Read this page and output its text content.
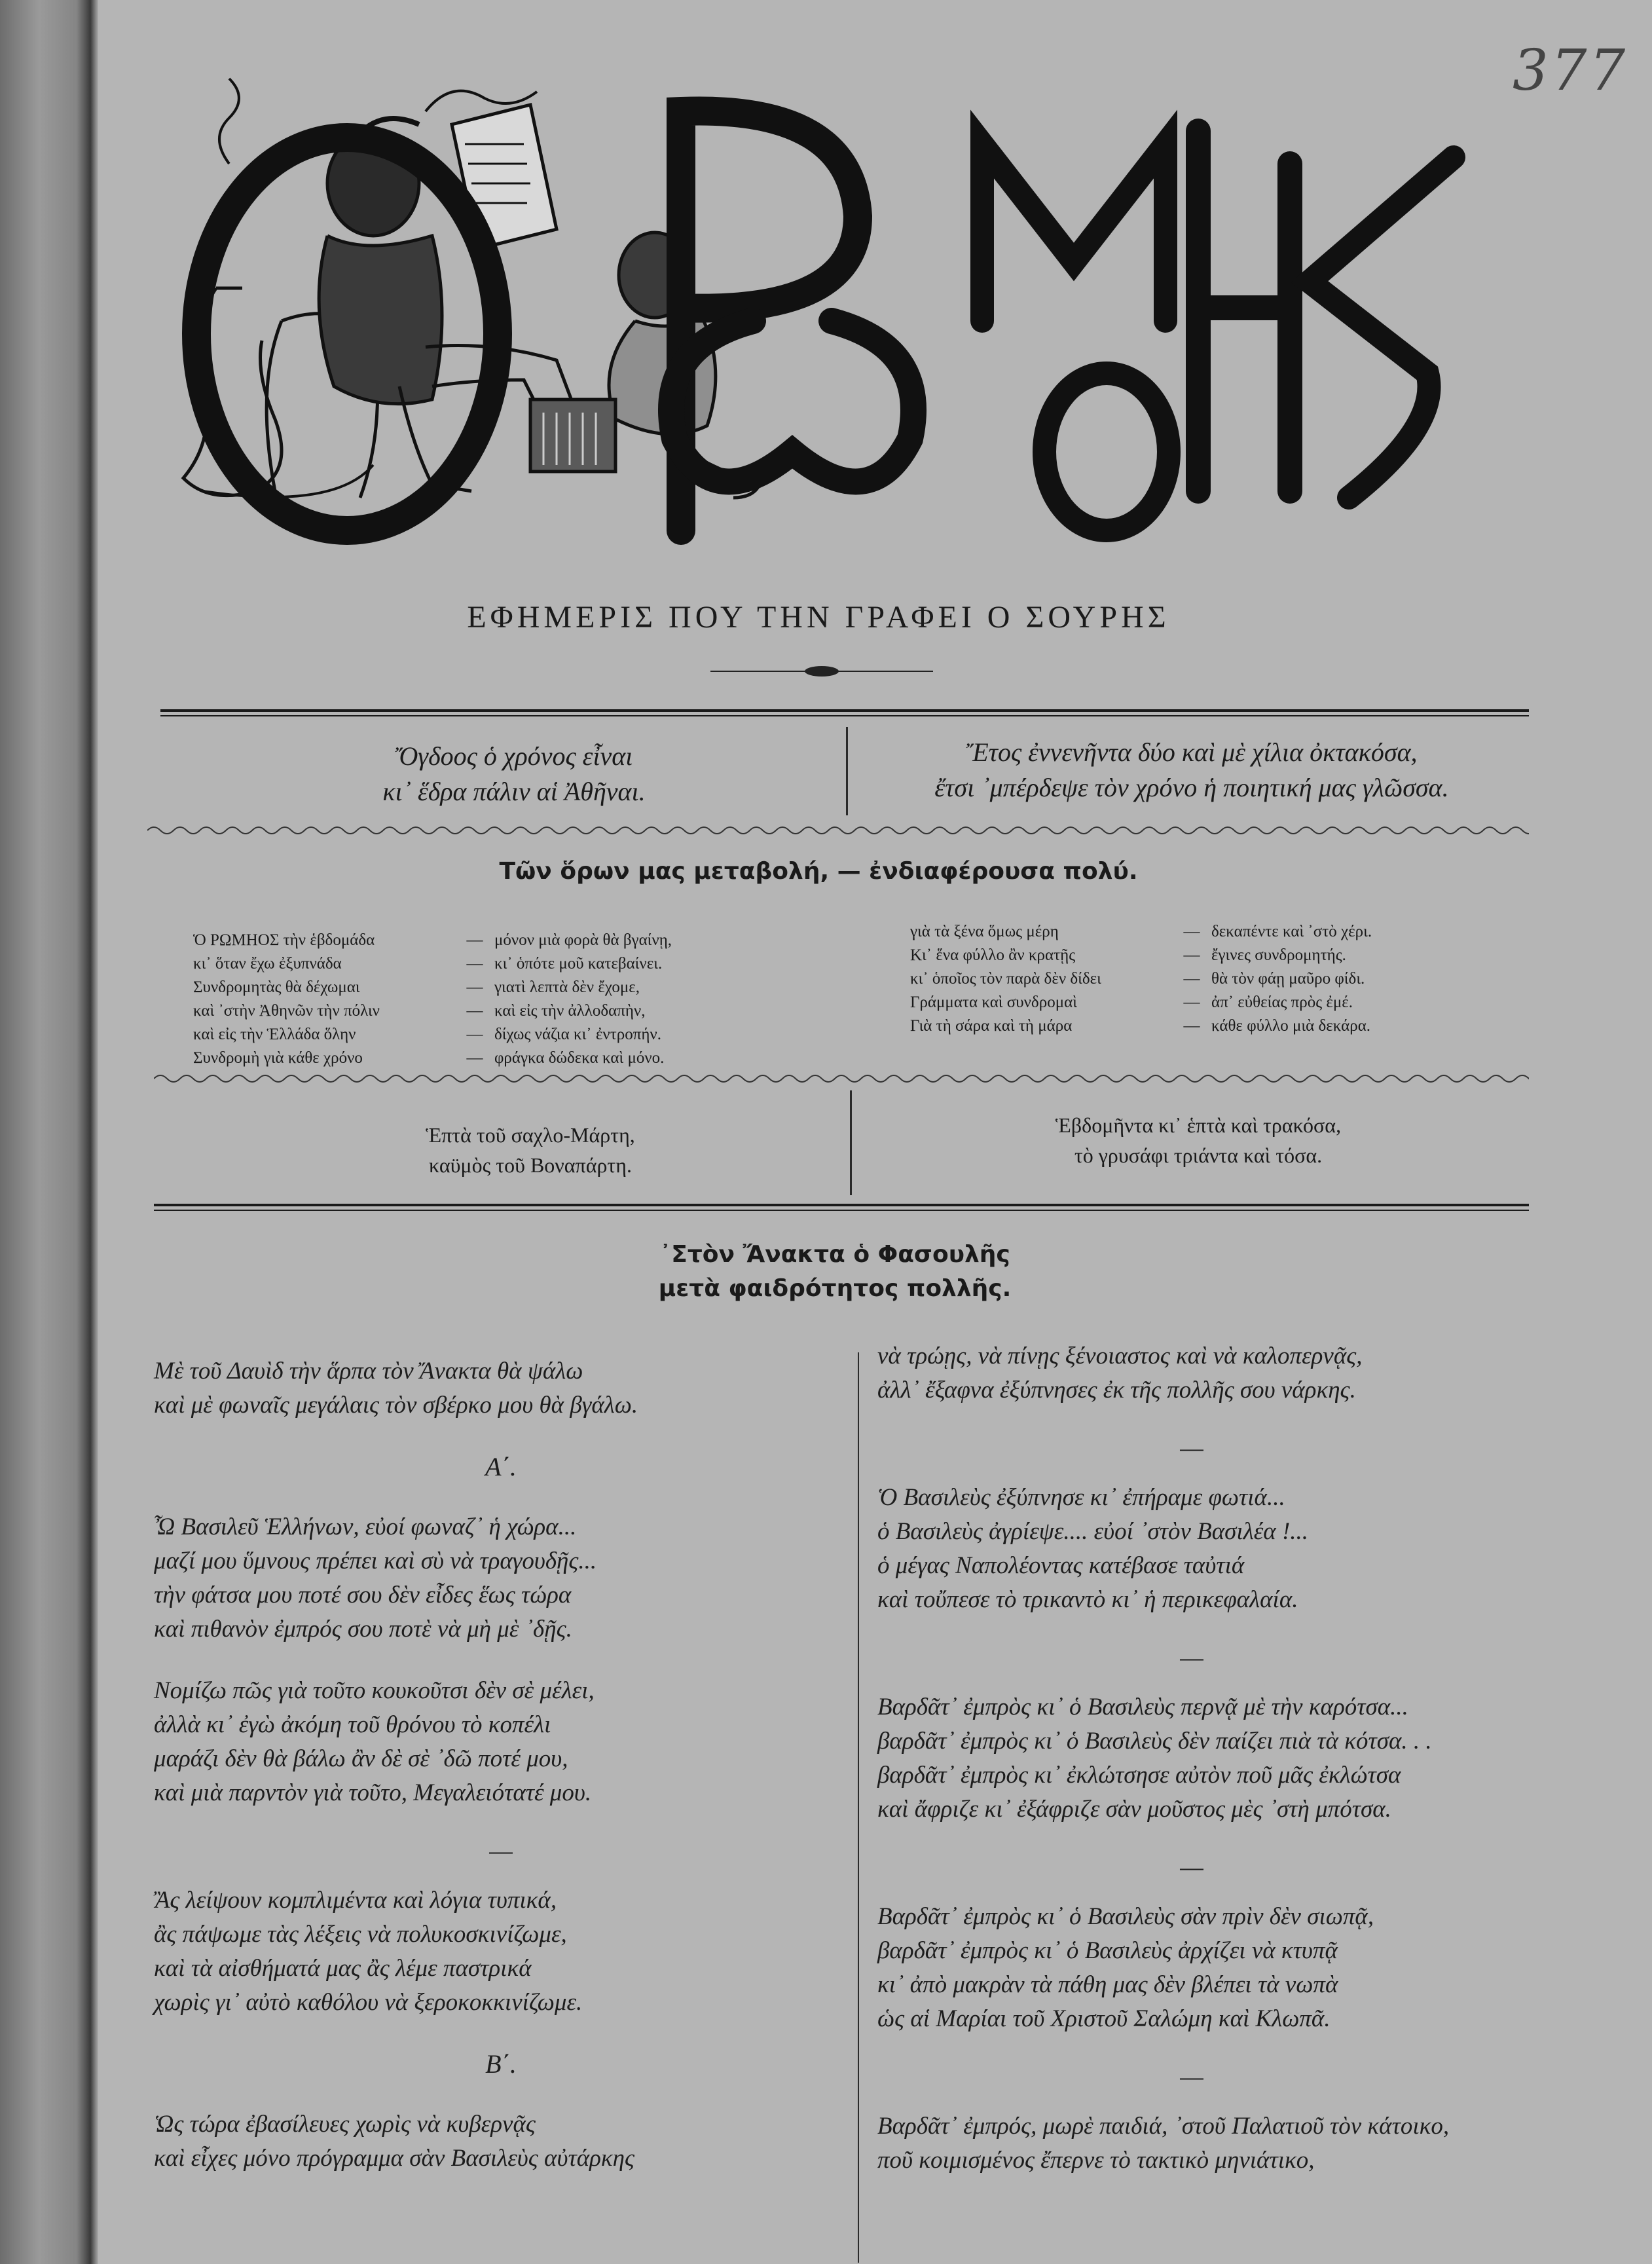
377
ΕΦΗΜΕΡΙΣ ΠΟΥ ΤΗΝ ΓΡΑΦΕΙ Ο ΣΟΥΡΗΣ
Ὄγδοος ὁ χρόνος εἶναι
κι᾽ ἕδρα πάλιν αἱ Ἀθῆναι.
Ἔτος ἐννενῆντα δύο καὶ μὲ χίλια ὀκτακόσα,
ἔτσι ᾽μπέρδεψε τὸν χρόνο ἡ ποιητική μας γλῶσσα.
Τῶν ὅρων μας μεταβολή, — ἐνδιαφέρουσα πολύ.
Ὁ ΡΩΜΗΟΣ τὴν ἑβδομάδα	— μόνον μιὰ φορὰ θὰ βγαίνῃ,
κι᾽ ὅταν ἔχω ἐξυπνάδα	— κι᾽ ὁπότε μοῦ κατεβαίνει.
Συνδρομητὰς θὰ δέχωμαι	— γιατὶ λεπτὰ δὲν ἔχομε,
καὶ ᾽στὴν Ἀθηνῶν τὴν πόλιν	— καὶ εἰς τὴν ἀλλοδαπὴν,
καὶ εἰς τὴν Ἑλλάδα ὅλην	— δίχως νάζια κι᾽ ἐντροπήν.
Συνδρομὴ γιὰ κάθε χρόνο	— φράγκα δώδεκα καὶ μόνο.
γιὰ τὰ ξένα ὅμως μέρη	— δεκαπέντε καὶ ᾽στὸ χέρι.
Κι᾽ ἕνα φύλλο ἂν κρατῇς	— ἔγινες συνδρομητής.
κι᾽ ὁποῖος τὸν παρὰ δὲν δίδει	— θὰ τὸν φάῃ μαῦρο φίδι.
Γράμματα καὶ συνδρομαὶ	— ἀπ᾽ εὐθείας πρὸς ἐμέ.
Γιὰ τὴ σάρα καὶ τὴ μάρα	— κάθε φύλλο μιὰ δεκάρα.
Ἑπτὰ τοῦ σαχλο-Μάρτη,
καϋμὸς τοῦ Βοναπάρτη.
Ἑβδομῆντα κι᾽ ἑπτὰ καὶ τρακόσα,
τὸ γρυσάφι τριάντα καὶ τόσα.
᾽Στὸν Ἄνακτα ὁ Φασουλῆς
μετὰ φαιδρότητος πολλῆς.
Μὲ τοῦ Δαυὶδ τὴν ἅρπα τὸν Ἄνακτα θὰ ψάλω
καὶ μὲ φωναῖς μεγάλαις τὸν σβέρκο μου θὰ βγάλω.
Α΄.
Ὦ Βασιλεῦ Ἑλλήνων, εὐοί φωναζ᾽ ἡ χώρα...
μαζί μου ὕμνους πρέπει καὶ σὺ νὰ τραγουδῇς...
τὴν φάτσα μου ποτέ σου δὲν εἶδες ἕως τώρα
καὶ πιθανὸν ἐμπρός σου ποτὲ νὰ μὴ μὲ ᾽δῇς.
Νομίζω πῶς γιὰ τοῦτο κουκοῦτσι δὲν σὲ μέλει,
ἀλλὰ κι᾽ ἐγὼ ἀκόμη τοῦ θρόνου τὸ κοπέλι
μαράζι δὲν θὰ βάλω ἂν δὲ σὲ ᾽δῶ ποτέ μου,
καὶ μιὰ παρντὸν γιὰ τοῦτο, Μεγαλειότατέ μου.
—
Ἂς λείψουν κομπλιμέντα καὶ λόγια τυπικά,
ἂς πάψωμε τὰς λέξεις νὰ πολυκοσκινίζωμε,
καὶ τὰ αἰσθήματά μας ἂς λέμε παστρικά
χωρὶς γι᾽ αὐτὸ καθόλου νὰ ξεροκοκκινίζωμε.
Β΄.
Ὡς τώρα ἐβασίλευες χωρὶς νὰ κυβερνᾷς
καὶ εἶχες μόνο πρόγραμμα σὰν Βασιλεὺς αὐτάρκης
νὰ τρώῃς, νὰ πίνῃς ξένοιαστος καὶ νὰ καλοπερνᾷς,
ἀλλ᾽ ἔξαφνα ἐξύπνησες ἐκ τῆς πολλῆς σου νάρκης.
—
Ὁ Βασιλεὺς ἐξύπνησε κι᾽ ἐπήραμε φωτιά...
ὁ Βασιλεὺς ἀγρίεψε.... εὐοί ᾽στὸν Βασιλέα !...
ὁ μέγας Ναπολέοντας κατέβασε ταὐτιά
καὶ τοὔπεσε τὸ τρικαντὸ κι᾽ ἡ περικεφαλαία.
—
Βαρδᾶτ᾽ ἐμπρὸς κι᾽ ὁ Βασιλεὺς περνᾷ μὲ τὴν καρότσα...
βαρδᾶτ᾽ ἐμπρὸς κι᾽ ὁ Βασιλεὺς δὲν παίζει πιὰ τὰ κότσα. . .
βαρδᾶτ᾽ ἐμπρὸς κι᾽ ἐκλώτσησε αὐτὸν ποῦ μᾶς ἐκλώτσα
καὶ ἄφριζε κι᾽ ἐξάφριζε σὰν μοῦστος μὲς ᾽στὴ μπότσα.
—
Βαρδᾶτ᾽ ἐμπρὸς κι᾽ ὁ Βασιλεὺς σὰν πρὶν δὲν σιωπᾷ,
βαρδᾶτ᾽ ἐμπρὸς κι᾽ ὁ Βασιλεὺς ἀρχίζει νὰ κτυπᾷ
κι᾽ ἀπὸ μακρὰν τὰ πάθη μας δὲν βλέπει τὰ νωπὰ
ὡς αἱ Μαρίαι τοῦ Χριστοῦ Σαλώμη καὶ Κλωπᾶ.
—
Βαρδᾶτ᾽ ἐμπρός, μωρὲ παιδιά, ᾽στοῦ Παλατιοῦ τὸν κάτοικο,
ποῦ κοιμισμένος ἔπερνε τὸ τακτικὸ μηνιάτικο,
